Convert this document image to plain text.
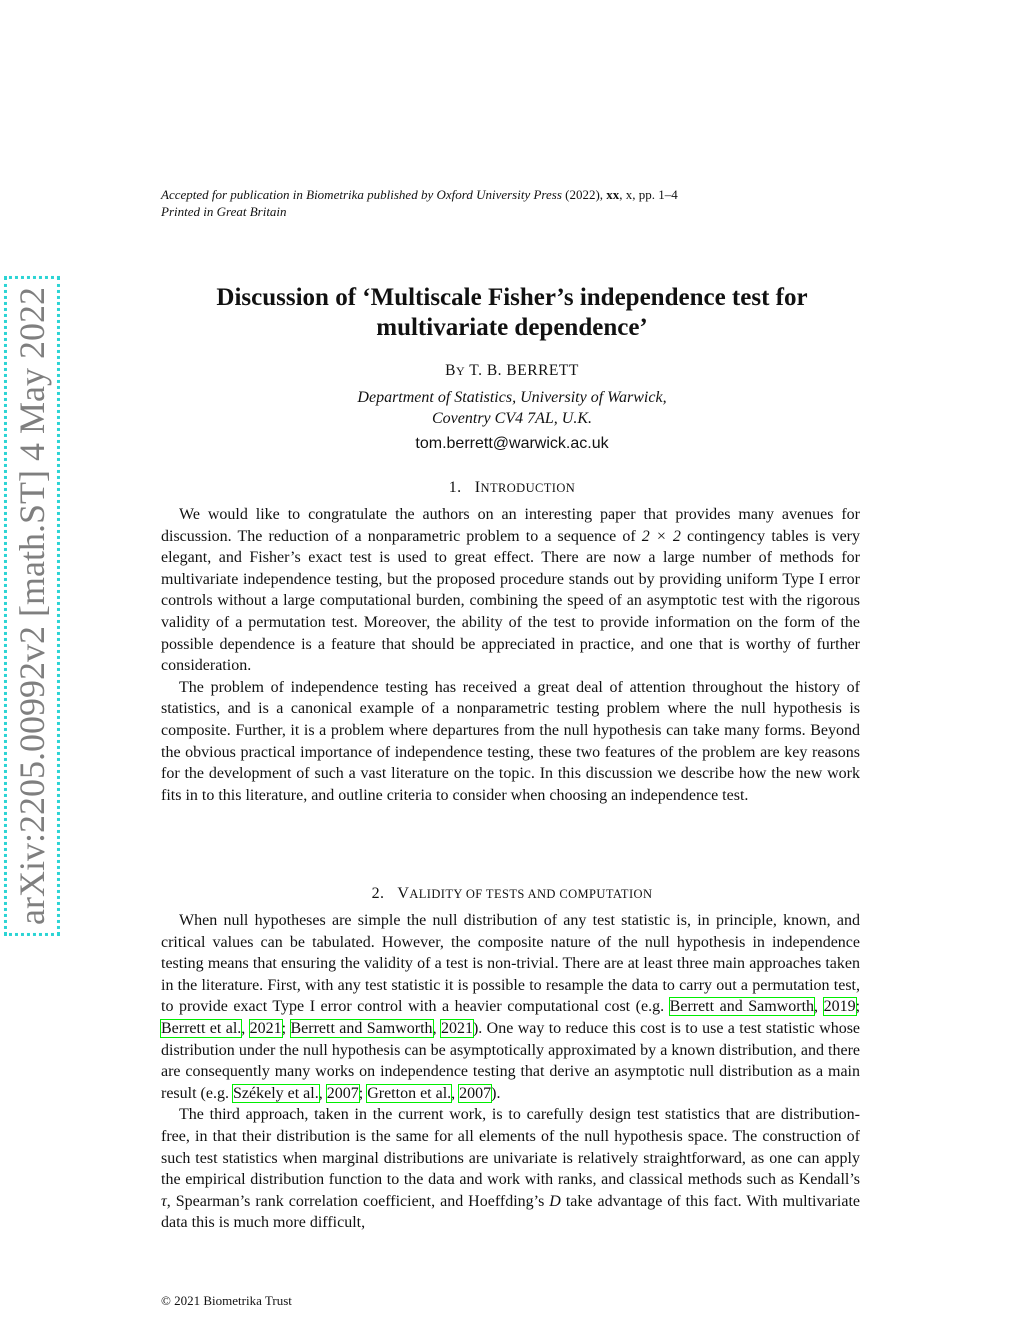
arXiv:2205.00992v2 [math.ST] 4 May 2022
Accepted for publication in Biometrika published by Oxford University Press (2022), xx, x, pp. 1–4
Printed in Great Britain
Discussion of ‘Multiscale Fisher’s independence test for
multivariate dependence’
BY T. B. BERRETT
Department of Statistics, University of Warwick,
Coventry CV4 7AL, U.K.
tom.berrett@warwick.ac.uk
1. INTRODUCTION

We would like to congratulate the authors on an interesting paper that provides many avenues for discussion. The reduction of a nonparametric problem to a sequence of 2 × 2 contingency tables is very elegant, and Fisher’s exact test is used to great effect. There are now a large number of methods for multivariate independence testing, but the proposed procedure stands out by providing uniform Type I error controls without a large computational burden, combining the speed of an asymptotic test with the rigorous validity of a permutation test. Moreover, the ability of the test to provide information on the form of the possible dependence is a feature that should be appreciated in practice, and one that is worthy of further consideration.

The problem of independence testing has received a great deal of attention throughout the history of statistics, and is a canonical example of a nonparametric testing problem where the null hypothesis is composite. Further, it is a problem where departures from the null hypothesis can take many forms. Beyond the obvious practical importance of independence testing, these two features of the problem are key reasons for the development of such a vast literature on the topic. In this discussion we describe how the new work fits in to this literature, and outline criteria to consider when choosing an independence test.

2. VALIDITY OF TESTS AND COMPUTATION

When null hypotheses are simple the null distribution of any test statistic is, in principle, known, and critical values can be tabulated. However, the composite nature of the null hypothesis in independence testing means that ensuring the validity of a test is non-trivial. There are at least three main approaches taken in the literature. First, with any test statistic it is possible to resample the data to carry out a permutation test, to provide exact Type I error control with a heavier computational cost (e.g. Berrett and Samworth, 2019; Berrett et al., 2021; Berrett and Samworth, 2021). One way to reduce this cost is to use a test statistic whose distribution under the null hypothesis can be asymptotically approximated by a known distribution, and there are consequently many works on independence testing that derive an asymptotic null distribution as a main result (e.g. Székely et al., 2007; Gretton et al., 2007).

The third approach, taken in the current work, is to carefully design test statistics that are distribution-free, in that their distribution is the same for all elements of the null hypothesis space. The construction of such test statistics when marginal distributions are univariate is relatively straightforward, as one can apply the empirical distribution function to the data and work with ranks, and classical methods such as Kendall’s τ, Spearman’s rank correlation coefficient, and Hoeffding’s D take advantage of this fact. With multivariate data this is much more difficult,

© 2021 Biometrika Trust
